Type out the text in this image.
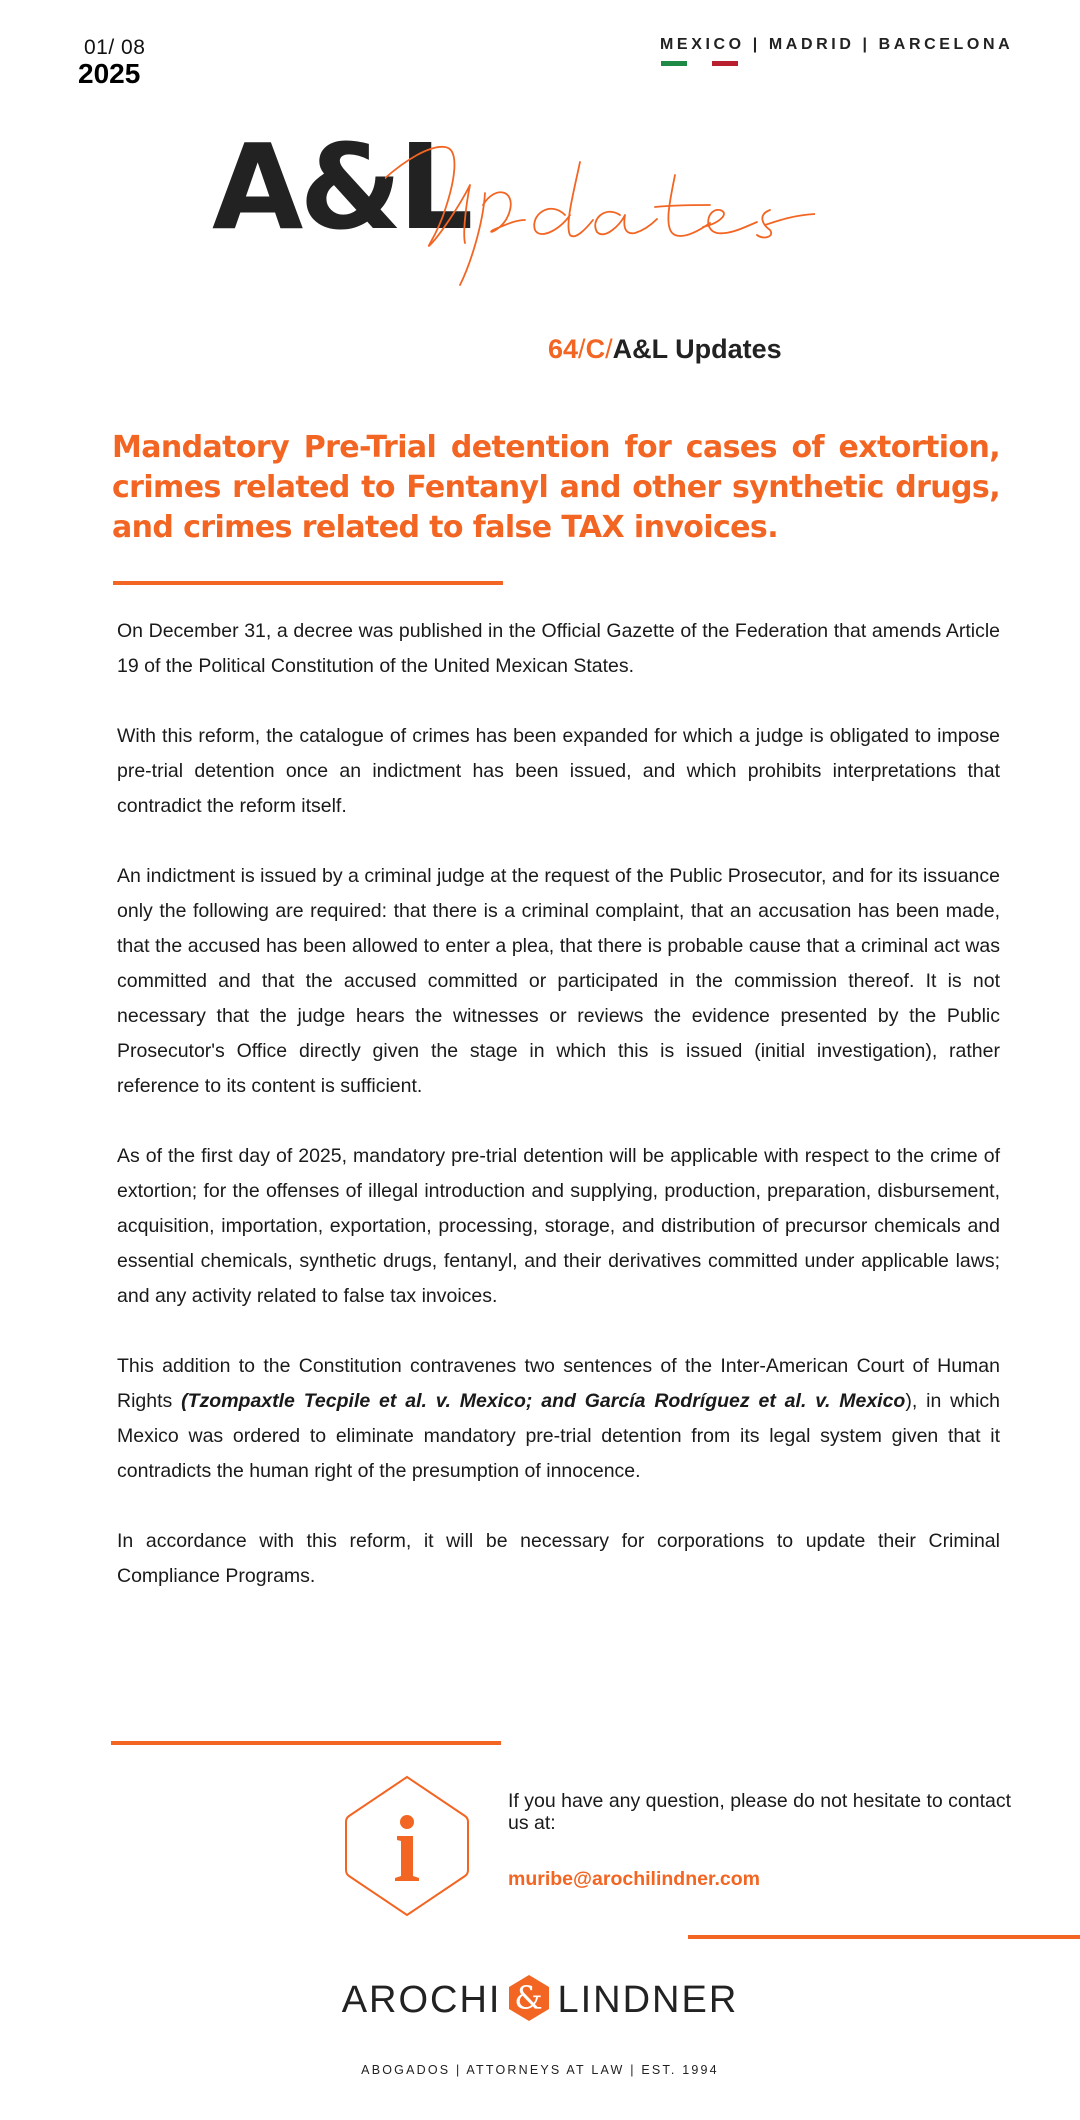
01/ 08
2025
MEXICO | MADRID | BARCELONA
A&L
64/C/A&L Updates
Mandatory Pre-Trial detention for cases of extortion, crimes related to Fentanyl and other synthetic drugs, and crimes related to false TAX invoices.

On December 31, a decree was published in the Official Gazette of the Federation that amends Article 19 of the Political Constitution of the United Mexican States.

With this reform, the catalogue of crimes has been expanded for which a judge is obligated to impose pre-trial detention once an indictment has been issued, and which prohibits interpretations that contradict the reform itself.

An indictment is issued by a criminal judge at the request of the Public Prosecutor, and for its issuance only the following are required: that there is a criminal complaint, that an accusation has been made, that the accused has been allowed to enter a plea, that there is probable cause that a criminal act was committed and that the accused committed or participated in the commission thereof. It is not necessary that the judge hears the witnesses or reviews the evidence presented by the Public Prosecutor's Office directly given the stage in which this is issued (initial investigation), rather reference to its content is sufficient.

As of the first day of 2025, mandatory pre-trial detention will be applicable with respect to the crime of extortion; for the offenses of illegal introduction and supplying, production, preparation, disbursement, acquisition, importation, exportation, processing, storage, and distribution of precursor chemicals and essential chemicals, synthetic drugs, fentanyl, and their derivatives committed under applicable laws; and any activity related to false tax invoices.

This addition to the Constitution contravenes two sentences of the Inter-American Court of Human Rights (Tzompaxtle Tecpile et al. v. Mexico; and García Rodríguez et al. v. Mexico), in which Mexico was ordered to eliminate mandatory pre-trial detention from its legal system given that it contradicts the human right of the presumption of innocence.

In accordance with this reform, it will be necessary for corporations to update their Criminal Compliance Programs.

If you have any question, please do not hesitate to contact us at:
muribe@arochilindner.com
AROCHI & LINDNER
ABOGADOS | ATTORNEYS AT LAW | EST. 1994
